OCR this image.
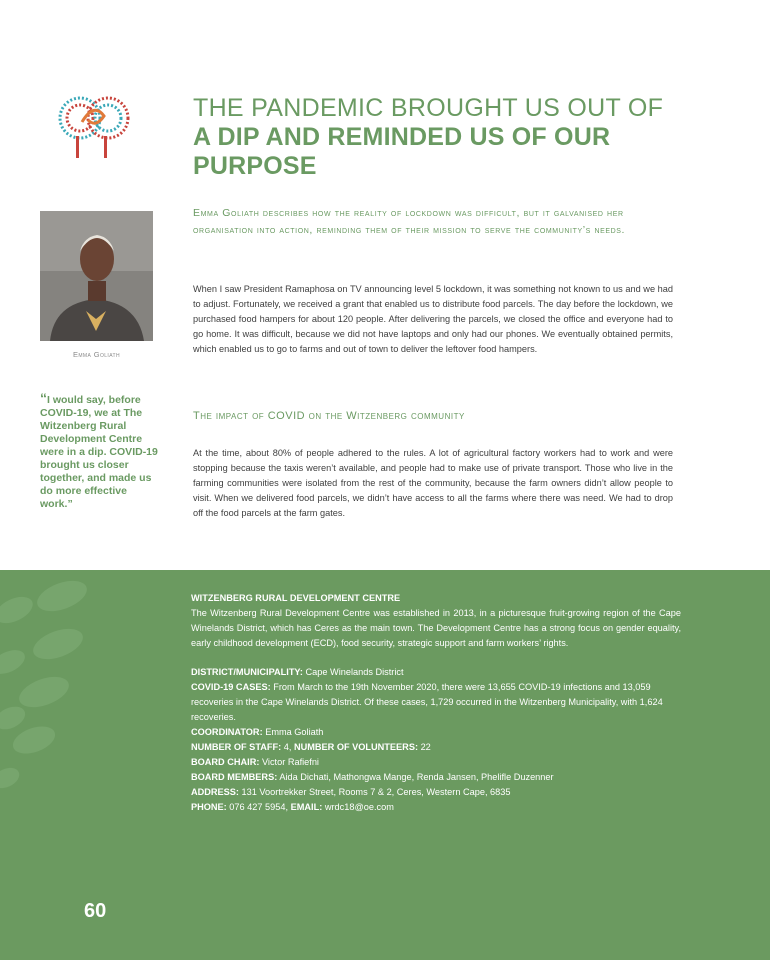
THE PANDEMIC BROUGHT US OUT OF
A DIP AND REMINDED US OF OUR
PURPOSE
Emma Goliath describes how the reality of lockdown was difficult, but it galvanised her organisation into action, reminding them of their mission to serve the community’s needs.
When I saw President Ramaphosa on TV announcing level 5 lockdown, it was something not known to us and we had to adjust. Fortunately, we received a grant that enabled us to distribute food parcels. The day before the lockdown, we purchased food hampers for about 120 people. After delivering the parcels, we closed the office and everyone had to go home. It was difficult, because we did not have laptops and only had our phones. We eventually obtained permits, which enabled us to go to farms and out of town to deliver the leftover food hampers.
The impact of COVID on the Witzenberg community
At the time, about 80% of people adhered to the rules. A lot of agricultural factory workers had to work and were stopping because the taxis weren’t available, and people had to make use of private transport. Those who live in the farming communities were isolated from the rest of the community, because the farm owners didn’t allow people to visit. When we delivered food parcels, we didn’t have access to all the farms where there was need. We had to drop off the food parcels at the farm gates.
Emma Goliath
“I would say, before COVID-19, we at The Witzenberg Rural Development Centre were in a dip. COVID-19 brought us closer together, and made us do more effective work.”
WITZENBERG RURAL DEVELOPMENT CENTRE

The Witzenberg Rural Development Centre was established in 2013, in a picturesque fruit-growing region of the Cape Winelands District, which has Ceres as the main town. The Development Centre has a strong focus on gender equality, early childhood development (ECD), food security, strategic support and farm workers’ rights.

DISTRICT/MUNICIPALITY: Cape Winelands District

COVID-19 CASES: From March to the 19th November 2020, there were 13,655 COVID-19 infections and 13,059 recoveries in the Cape Winelands District. Of these cases, 1,729 occurred in the Witzenberg Municipality, with 1,624 recoveries.

COORDINATOR: Emma Goliath

NUMBER OF STAFF: 4, NUMBER OF VOLUNTEERS: 22

BOARD CHAIR: Victor Rafiefni

BOARD MEMBERS: Aida Dichati, Mathongwa Mange, Renda Jansen, Phelifle Duzenner

ADDRESS: 131 Voortrekker Street, Rooms 7 & 2, Ceres, Western Cape, 6835

PHONE: 076 427 5954, EMAIL: wrdc18@oe.com

60
